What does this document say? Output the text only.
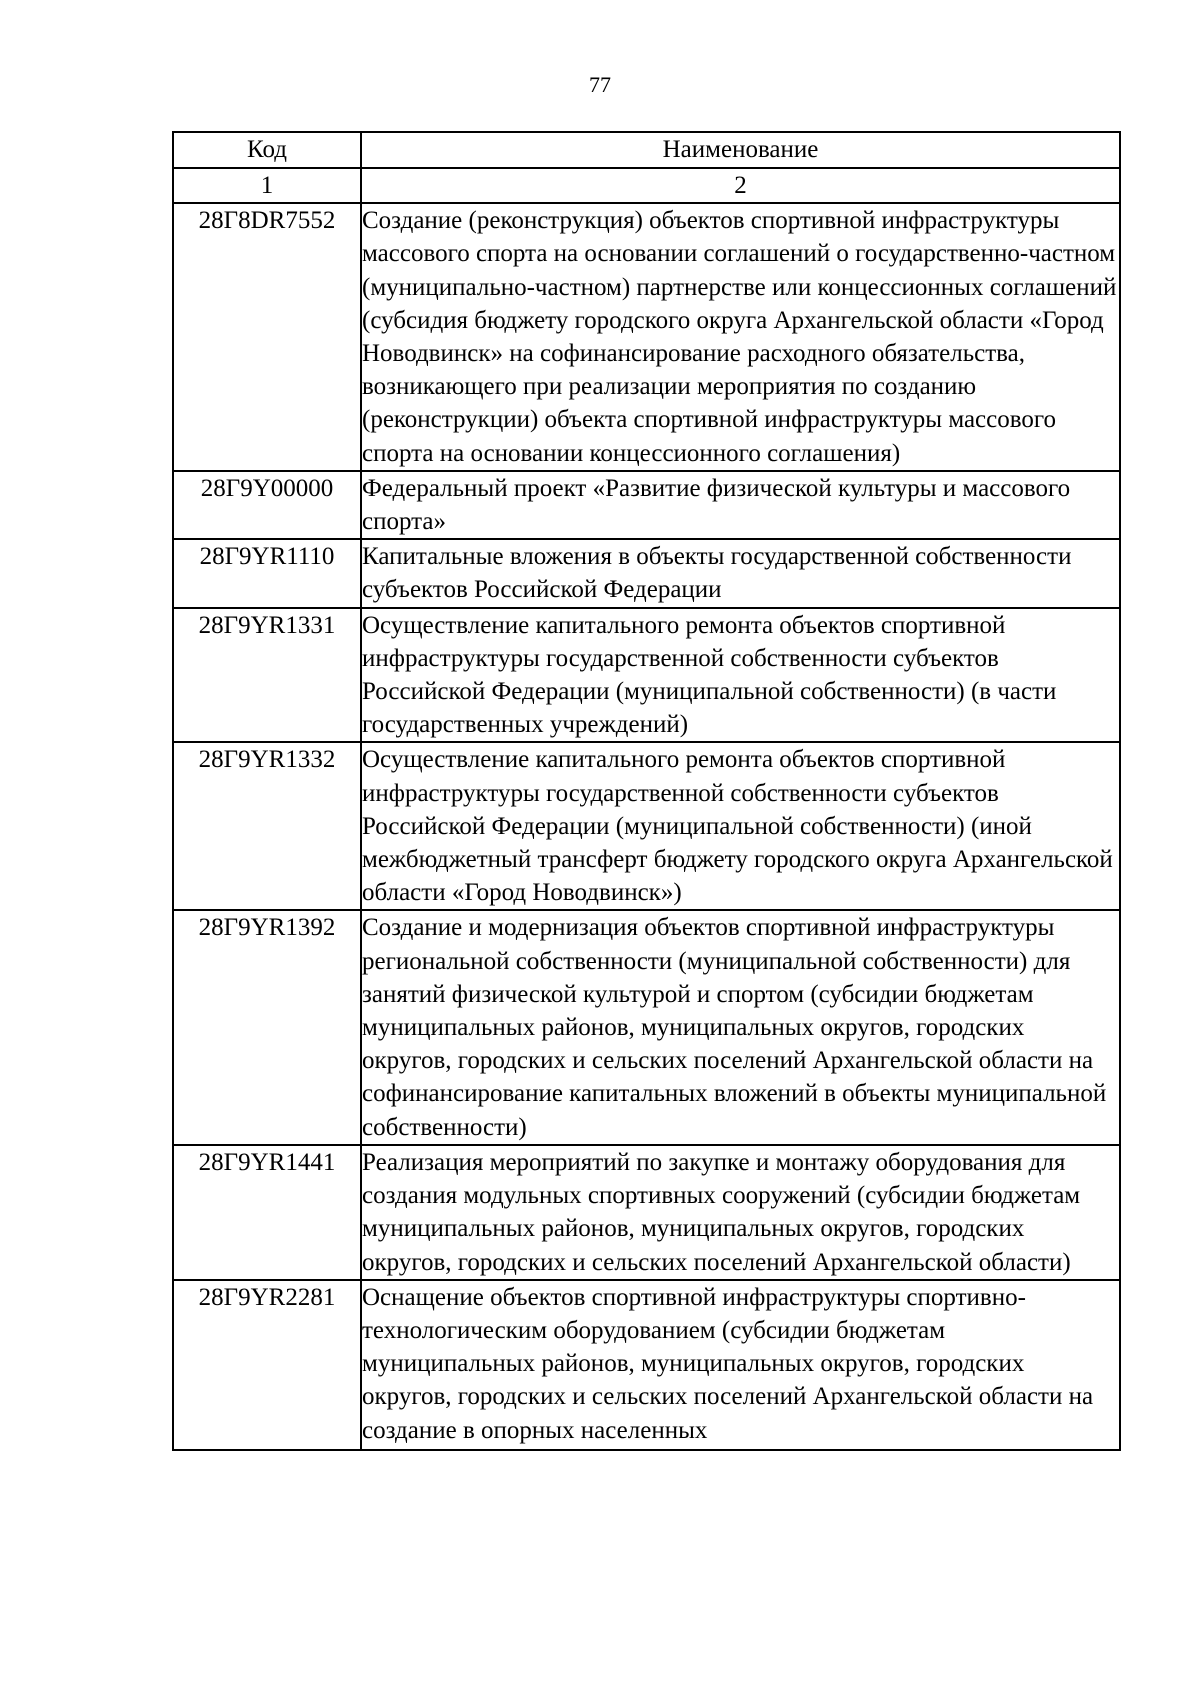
77
Код	Наименование
1	2
28Г8DR7552	Создание (реконструкция) объектов спортивной инфраструктуры массового спорта на основании соглашений о государственно-частном (муниципально-частном) партнерстве или концессионных соглашений (субсидия бюджету городского округа Архангельской области «Город Новодвинск» на софинансирование расходного обязательства, возникающего при реализации мероприятия по созданию (реконструкции) объекта спортивной инфраструктуры массового спорта на основании концессионного соглашения)
28Г9Y00000	Федеральный проект «Развитие физической культуры и массового спорта»
28Г9YR1110	Капитальные вложения в объекты государственной собственности субъектов Российской Федерации
28Г9YR1331	Осуществление капитального ремонта объектов спортивной инфраструктуры государственной собственности субъектов Российской Федерации (муниципальной собственности) (в части государственных учреждений)
28Г9YR1332	Осуществление капитального ремонта объектов спортивной инфраструктуры государственной собственности субъектов Российской Федерации (муниципальной собственности) (иной межбюджетный трансферт бюджету городского округа Архангельской области «Город Новодвинск»)
28Г9YR1392	Создание и модернизация объектов спортивной инфраструктуры региональной собственности (муниципальной собственности) для занятий физической культурой и спортом (субсидии бюджетам муниципальных районов, муниципальных округов, городских округов, городских и сельских поселений Архангельской области на софинансирование капитальных вложений в объекты муниципальной собственности)
28Г9YR1441	Реализация мероприятий по закупке и монтажу оборудования для создания модульных спортивных сооружений (субсидии бюджетам муниципальных районов, муниципальных округов, городских округов, городских и сельских поселений Архангельской области)
28Г9YR2281	Оснащение объектов спортивной инфраструктуры спортивно-технологическим оборудованием (субсидии бюджетам муниципальных районов, муниципальных округов, городских округов, городских и сельских поселений Архангельской области на создание в опорных населенных
